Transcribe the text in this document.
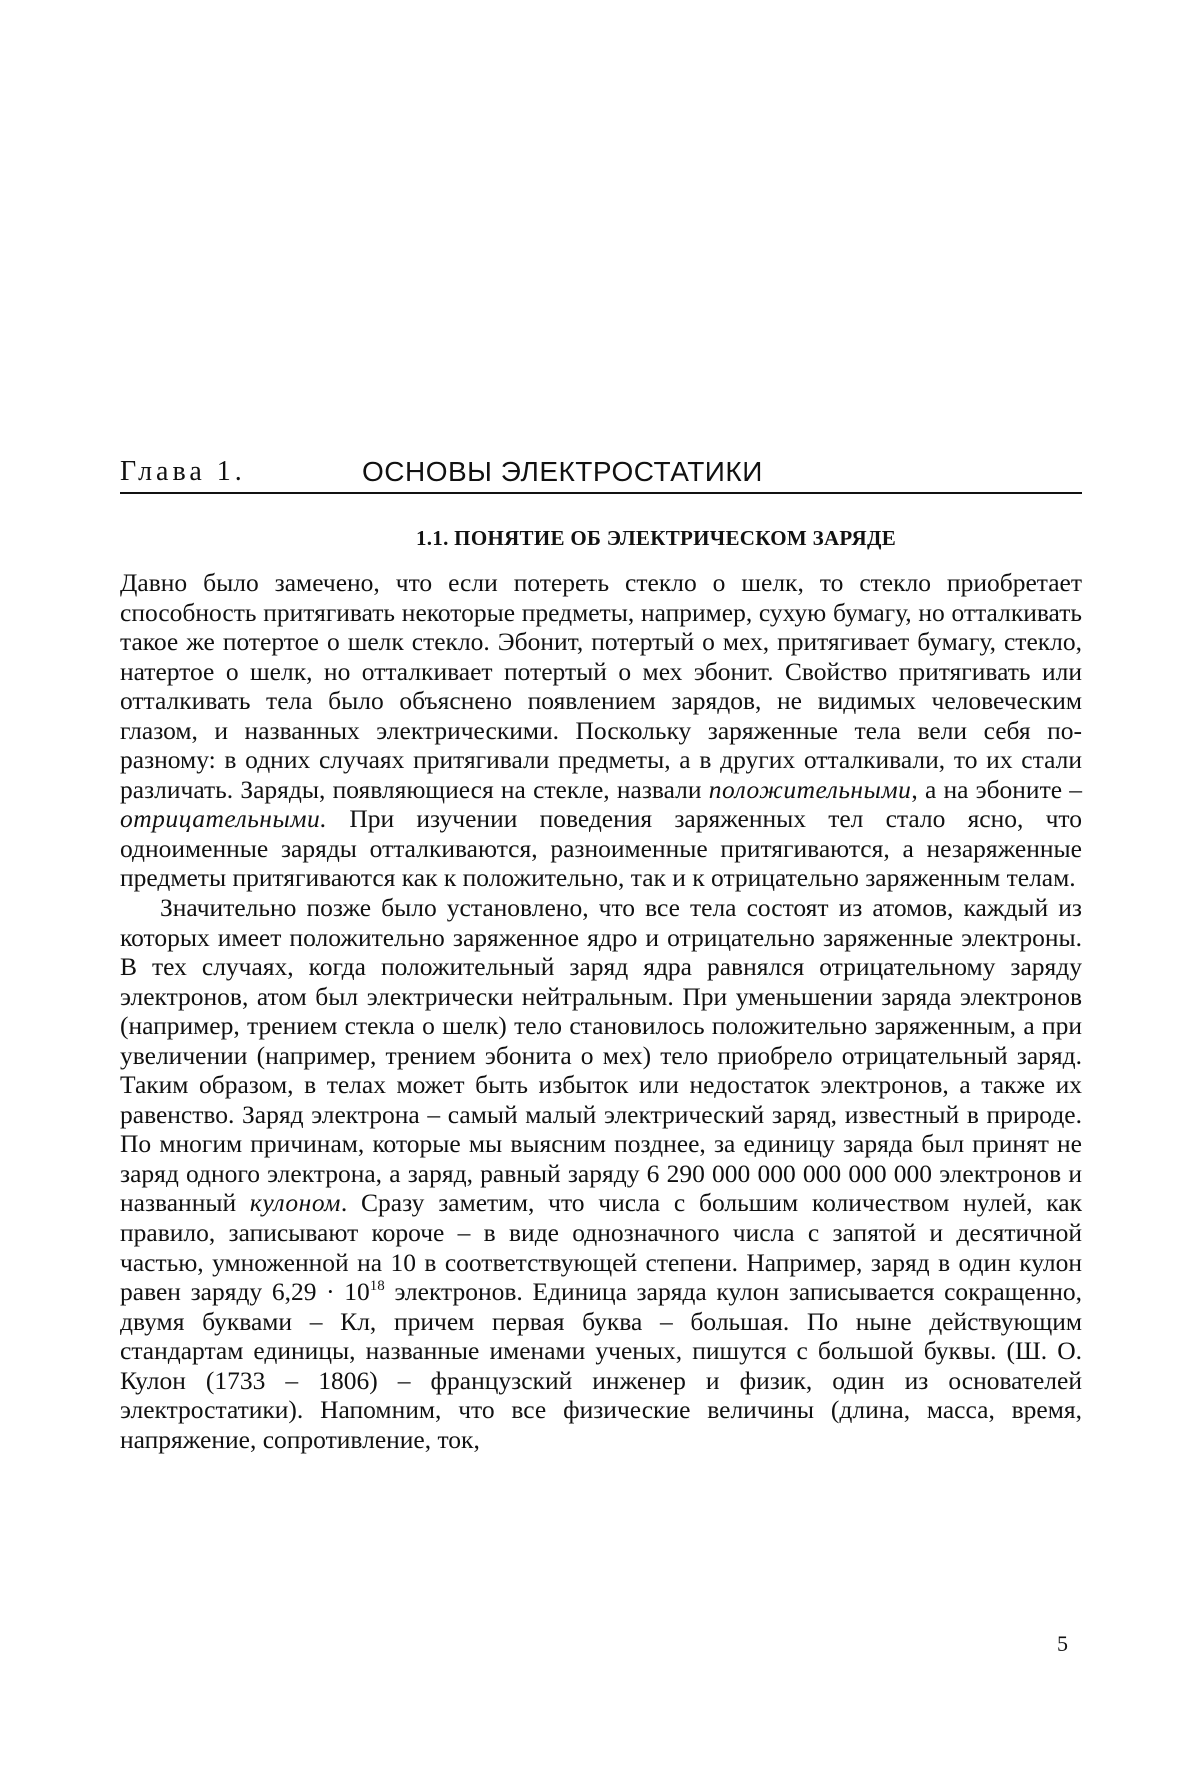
Глава 1.	ОСНОВЫ ЭЛЕКТРОСТАТИКИ
1.1. ПОНЯТИЕ ОБ ЭЛЕКТРИЧЕСКОМ ЗАРЯДЕ

Давно было замечено, что если потереть стекло о шелк, то стекло приобретает способность притягивать некоторые предметы, например, сухую бумагу, но отталкивать такое же потертое о шелк стекло. Эбонит, потертый о мех, притягивает бумагу, стекло, натертое о шелк, но отталкивает потертый о мех эбонит. Свойство притягивать или отталкивать тела было объяснено появлением зарядов, не видимых человеческим глазом, и названных электрическими. Поскольку заряженные тела вели себя по-разному: в одних случаях притягивали предметы, а в других отталкивали, то их стали различать. Заряды, появляющиеся на стекле, назвали положительными, а на эбоните – отрицательными. При изучении поведения заряженных тел стало ясно, что одноименные заряды отталкиваются, разноименные притягиваются, а незаряженные предметы притягиваются как к положительно, так и к отрицательно заряженным телам.

Значительно позже было установлено, что все тела состоят из атомов, каждый из которых имеет положительно заряженное ядро и отрицательно заряженные электроны. В тех случаях, когда положительный заряд ядра равнялся отрицательному заряду электронов, атом был электрически нейтральным. При уменьшении заряда электронов (например, трением стекла о шелк) тело становилось положительно заряженным, а при увеличении (например, трением эбонита о мех) тело приобрело отрицательный заряд. Таким образом, в телах может быть избыток или недостаток электронов, а также их равенство. Заряд электрона – самый малый электрический заряд, известный в природе. По многим причинам, которые мы выясним позднее, за единицу заряда был принят не заряд одного электрона, а заряд, равный заряду 6 290 000 000 000 000 000 электронов и названный кулоном. Сразу заметим, что числа с большим количеством нулей, как правило, записывают короче – в виде однозначного числа с запятой и десятичной частью, умноженной на 10 в соответствующей степени. Например, заряд в один кулон равен заряду $6,29 \cdot 10^{18}$ электронов. Единица заряда кулон записывается сокращенно, двумя буквами – Кл, причем первая буква – большая. По ныне действующим стандартам единицы, названные именами ученых, пишутся с большой буквы. (Ш. О. Кулон (1733 – 1806) – французский инженер и физик, один из основателей электростатики). Напомним, что все физические величины (длина, масса, время, напряжение, сопротивление, ток,

5
